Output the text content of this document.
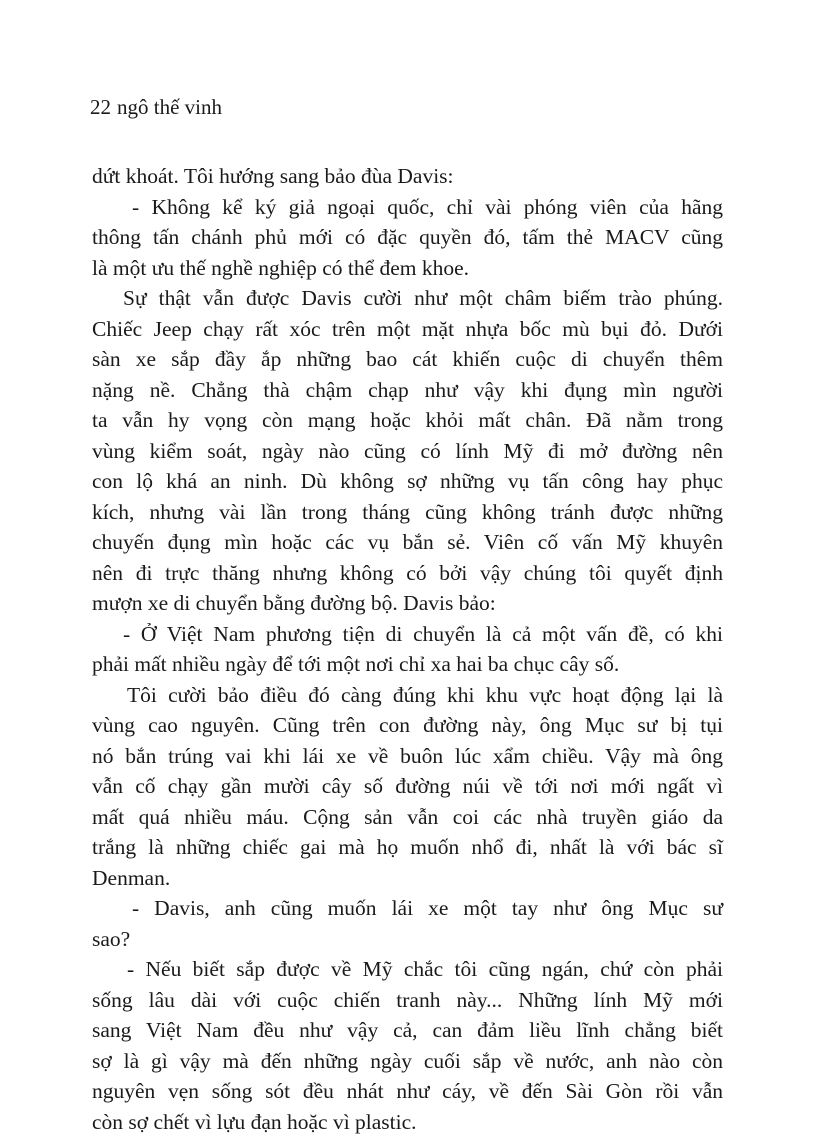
22 ngô thế vinh
dứt khoát. Tôi hướng sang bảo đùa Davis:
- Không kể ký giả ngoại quốc, chỉ vài phóng viên của hãng
thông tấn chánh phủ mới có đặc quyền đó, tấm thẻ MACV cũng
là một ưu thế nghề nghiệp có thể đem khoe.
Sự thật vẫn được Davis cười như một châm biếm trào phúng.
Chiếc Jeep chạy rất xóc trên một mặt nhựa bốc mù bụi đỏ. Dưới
sàn xe sắp đầy ắp những bao cát khiến cuộc di chuyển thêm
nặng nề. Chẳng thà chậm chạp như vậy khi đụng mìn người
ta vẫn hy vọng còn mạng hoặc khỏi mất chân. Đã nằm trong
vùng kiểm soát, ngày nào cũng có lính Mỹ đi mở đường nên
con lộ khá an ninh. Dù không sợ những vụ tấn công hay phục
kích, nhưng vài lần trong tháng cũng không tránh được những
chuyến đụng mìn hoặc các vụ bắn sẻ. Viên cố vấn Mỹ khuyên
nên đi trực thăng nhưng không có bởi vậy chúng tôi quyết định
mượn xe di chuyển bằng đường bộ. Davis bảo:
- Ở Việt Nam phương tiện di chuyển là cả một vấn đề, có khi
phải mất nhiều ngày để tới một nơi chỉ xa hai ba chục cây số.
Tôi cười bảo điều đó càng đúng khi khu vực hoạt động lại là
vùng cao nguyên. Cũng trên con đường này, ông Mục sư bị tụi
nó bắn trúng vai khi lái xe về buôn lúc xẩm chiều. Vậy mà ông
vẫn cố chạy gần mười cây số đường núi về tới nơi mới ngất vì
mất quá nhiều máu. Cộng sản vẫn coi các nhà truyền giáo da
trắng là những chiếc gai mà họ muốn nhổ đi, nhất là với bác sĩ
Denman.
- Davis, anh cũng muốn lái xe một tay như ông Mục sư
sao?
- Nếu biết sắp được về Mỹ chắc tôi cũng ngán, chứ còn phải
sống lâu dài với cuộc chiến tranh này... Những lính Mỹ mới
sang Việt Nam đều như vậy cả, can đảm liều lĩnh chẳng biết
sợ là gì vậy mà đến những ngày cuối sắp về nước, anh nào còn
nguyên vẹn sống sót đều nhát như cáy, về đến Sài Gòn rồi vẫn
còn sợ chết vì lựu đạn hoặc vì plastic.
